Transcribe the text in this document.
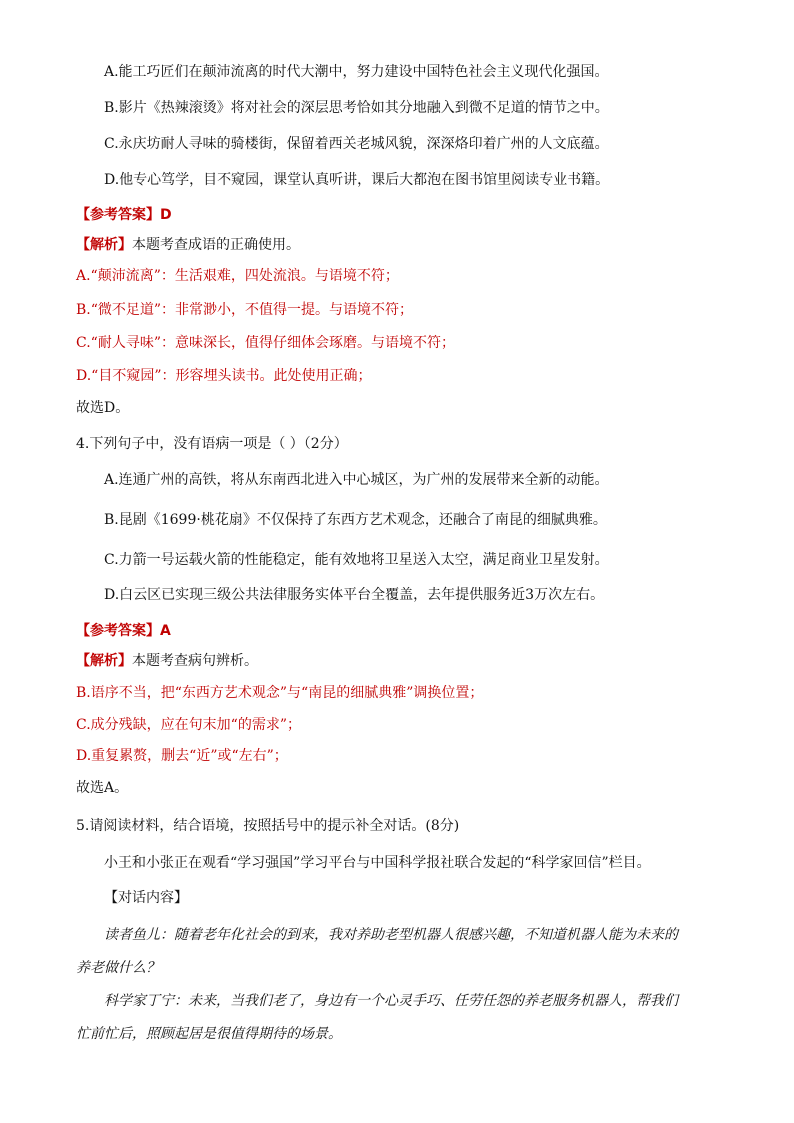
A.能工巧匠们在颠沛流离的时代大潮中，努力建设中国特色社会主义现代化强国。
B.影片《热辣滚烫》将对社会的深层思考恰如其分地融入到微不足道的情节之中。
C.永庆坊耐人寻味的骑楼街，保留着西关老城风貌，深深烙印着广州的人文底蕴。
D.他专心笃学，目不窥园，课堂认真听讲，课后大都泡在图书馆里阅读专业书籍。
【参考答案】D
【解析】本题考查成语的正确使用。
A.“颠沛流离”：生活艰难，四处流浪。与语境不符；
B.“微不足道”：非常渺小，不值得一提。与语境不符；
C.“耐人寻味”：意味深长，值得仔细体会琢磨。与语境不符；
D.“目不窥园”：形容埋头读书。此处使用正确；
故选D。
4.下列句子中，没有语病一项是（ ）（2分）
A.连通广州的高铁，将从东南西北进入中心城区，为广州的发展带来全新的动能。
B.昆剧《1699·桃花扇》不仅保持了东西方艺术观念，还融合了南昆的细腻典雅。
C.力箭一号运载火箭的性能稳定，能有效地将卫星送入太空，满足商业卫星发射。
D.白云区已实现三级公共法律服务实体平台全覆盖，去年提供服务近3万次左右。
【参考答案】A
【解析】本题考查病句辨析。
B.语序不当，把“东西方艺术观念”与“南昆的细腻典雅”调换位置；
C.成分残缺，应在句末加“的需求”；
D.重复累赘，删去“近”或“左右”；
故选A。
5.请阅读材料，结合语境，按照括号中的提示补全对话。(8分)
小王和小张正在观看“学习强国”学习平台与中国科学报社联合发起的“科学家回信”栏目。
【对话内容】
读者鱼儿：随着老年化社会的到来，我对养助老型机器人很感兴趣，不知道机器人能为未来的
养老做什么？
科学家丁宁：未来，当我们老了，身边有一个心灵手巧、任劳任怨的养老服务机器人，帮我们
忙前忙后，照顾起居是很值得期待的场景。
